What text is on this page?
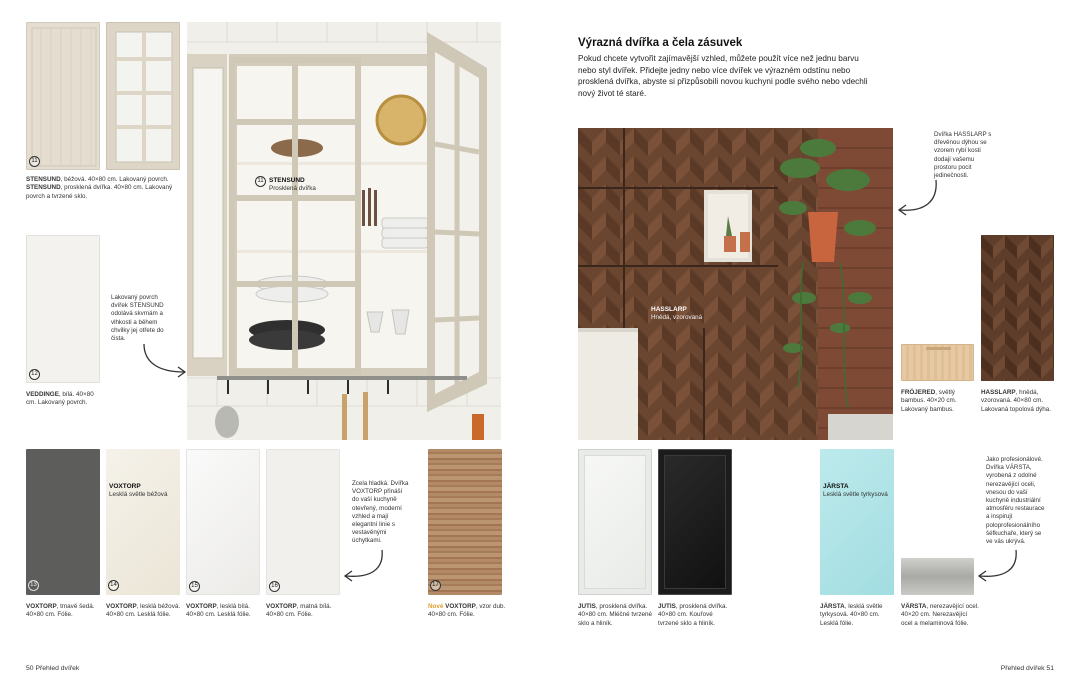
11
STENSUND, béžová. 40×80 cm. Lakovaný povrch.
STENSUND, prosklená dvířka. 40×80 cm. Lakovaný povrch a tvrzené sklo.
11 STENSUND
Prosklená dvířka
12
VEDDINGE, bílá. 40×80 cm. Lakovaný povrch.
Lakovaný povrch dvířek STENSUND odolává skvrnám a vlhkosti a během chvilky jej otřete do čista.
13
VOXTORP
Lesklá světle béžová
14	15	16
Zcela hladká. Dvířka VOXTORP přináší do vaší kuchyně otevřený, moderní vzhled a mají elegantní linie s vestavěnými úchytkami.
17
VOXTORP, tmavě šedá. 40×80 cm. Fólie.
VOXTORP, lesklá béžová. 40×80 cm. Lesklá fólie.
VOXTORP, lesklá bílá. 40×80 cm. Lesklá fólie.
VOXTORP, matná bílá. 40×80 cm. Fólie.
Nové VOXTORP, vzor dub. 40×80 cm. Fólie.
50 Přehled dvířek
Výrazná dvířka a čela zásuvek
Pokud chcete vytvořit zajímavější vzhled, můžete použít více než jednu barvu nebo styl dvířek. Přidejte jedny nebo více dvířek ve výrazném odstínu nebo prosklená dvířka, abyste si přizpůsobili novou kuchyni podle svého nebo vdechli nový život té staré.
HASSLARP
Hnědá, vzorovaná
Dvířka HASSLARP s dřevěnou dýhou se vzorem rybí kosti dodají vašemu prostoru pocit jedinečnosti.
FRÖJERED, světlý bambus. 40×20 cm. Lakovaný bambus.
HASSLARP, hnědá, vzorovaná. 40×80 cm. Lakovaná topolová dýha.
JÄRSTA
Lesklá světle tyrkysová
Jako profesionálové. Dvířka VÄRSTA, vyrobená z odolné nerezavějící oceli, vnesou do vaší kuchyně industriální atmosféru restaurace a inspirují poloprofesionálního šéfkuchaře, který se ve vás ukrývá.
JUTIS, prosklená dvířka. 40×80 cm. Mléčné tvrzené sklo a hliník.
JUTIS, prosklená dvířka. 40×80 cm. Kouřové tvrzené sklo a hliník.
JÄRSTA, lesklá světle tyrkysová. 40×80 cm. Lesklá fólie.
VÄRSTA, nerezavějící ocel. 40×20 cm. Nerezavějící ocel a melaminová fólie.
Přehled dvířek 51
